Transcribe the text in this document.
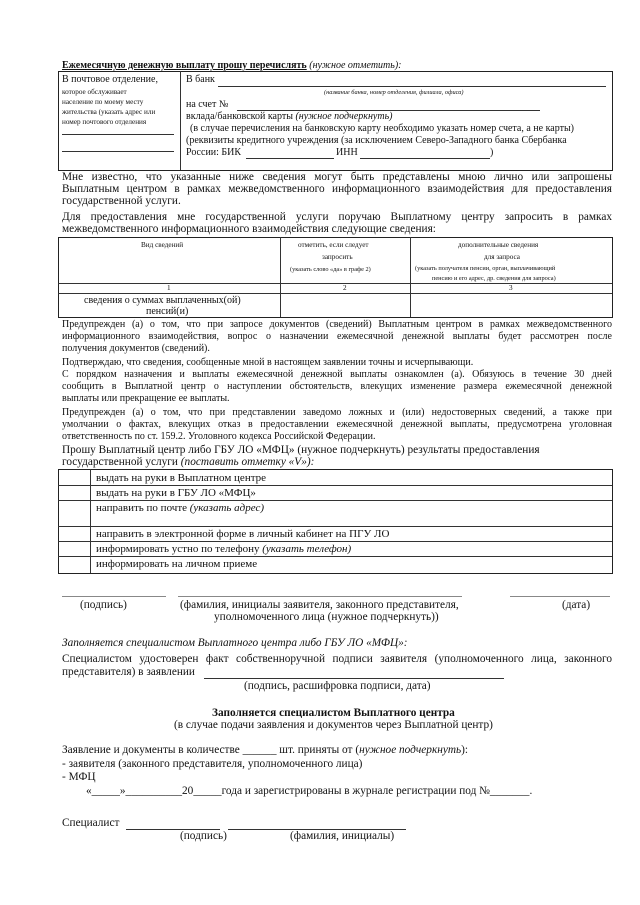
Ежемесячную денежную выплату прошу перечислять (нужное отметить):
В почтовое отделение,
которое обслуживает
население по моему месту
жительства (указать адрес или
номер почтового отделения
В банк
(название банка, номер отделения, филиала, офиса)
на счет №
вклада/банковской карты (нужное подчеркнуть)
(в случае перечисления на банковскую карту необходимо указать номер счета, а не карты)
(реквизиты кредитного учреждения (за исключением Северо-Западного банка Сбербанка
России: БИК	ИНН	)
Мне известно, что указанные ниже сведения могут быть представлены мною лично или запрошены
Выплатным центром в рамках межведомственного информационного взаимодействия для предоставления
государственной услуги.
Для предоставления мне государственной услуги поручаю Выплатному центру запросить в рамках
межведомственного информационного взаимодействия следующие сведения:
Вид сведений	отметить, если следует
запросить
(указать слово «да» в графе 2)
дополнительные сведения
для запроса
(указать получателя пенсии, орган, выплачивающий
пенсию и его адрес, др. сведения для запроса)
1	2	3
сведения о суммах выплаченных(ой)
пенсий(и)
Предупрежден (а) о том, что при запросе документов (сведений) Выплатным центром в рамках межведомственного
информационного взаимодействия, вопрос о назначении ежемесячной денежной выплаты будет рассмотрен после
получения документов (сведений).
Подтверждаю, что сведения, сообщенные мной в настоящем заявлении точны и исчерпывающи.
С порядком назначения и выплаты ежемесячной денежной выплаты ознакомлен (а). Обязуюсь в течение 30 дней
сообщить в Выплатной центр о наступлении обстоятельств, влекущих изменение размера ежемесячной денежной
выплаты или прекращение ее выплаты.
Предупрежден (а) о том, что при представлении заведомо ложных и (или) недостоверных сведений, а также при
умолчании о фактах, влекущих отказ в предоставлении ежемесячной денежной выплаты, предусмотрена уголовная
ответственность по ст. 159.2. Уголовного кодекса Российской Федерации.
Прошу Выплатный центр либо ГБУ ЛО «МФЦ» (нужное подчеркнуть) результаты предоставления
государственной услуги (поставить отметку «V»):
выдать на руки в Выплатном центре
выдать на руки в ГБУ ЛО «МФЦ»
направить по почте (указать адрес)
направить в электронной форме в личный кабинет на ПГУ ЛО
информировать устно по телефону (указать телефон)
информировать на личном приеме
(подпись)	(фамилия, инициалы заявителя, законного представителя,
уполномоченного лица (нужное подчеркнуть))
(дата)
Заполняется специалистом Выплатного центра либо ГБУ ЛО «МФЦ»:
Специалистом удостоверен факт собственноручной подписи заявителя (уполномоченного лица, законного
представителя) в заявлении
(подпись, расшифровка подписи, дата)
Заполняется специалистом Выплатного центра
(в случае подачи заявления и документов через Выплатной центр)
Заявление и документы в количестве ______ шт. приняты от (нужное подчеркнуть):
- заявителя (законного представителя, уполномоченного лица)
- МФЦ
«_____»__________20_____года и зарегистрированы в журнале регистрации под №_______.
Специалист
(подпись)	(фамилия, инициалы)
